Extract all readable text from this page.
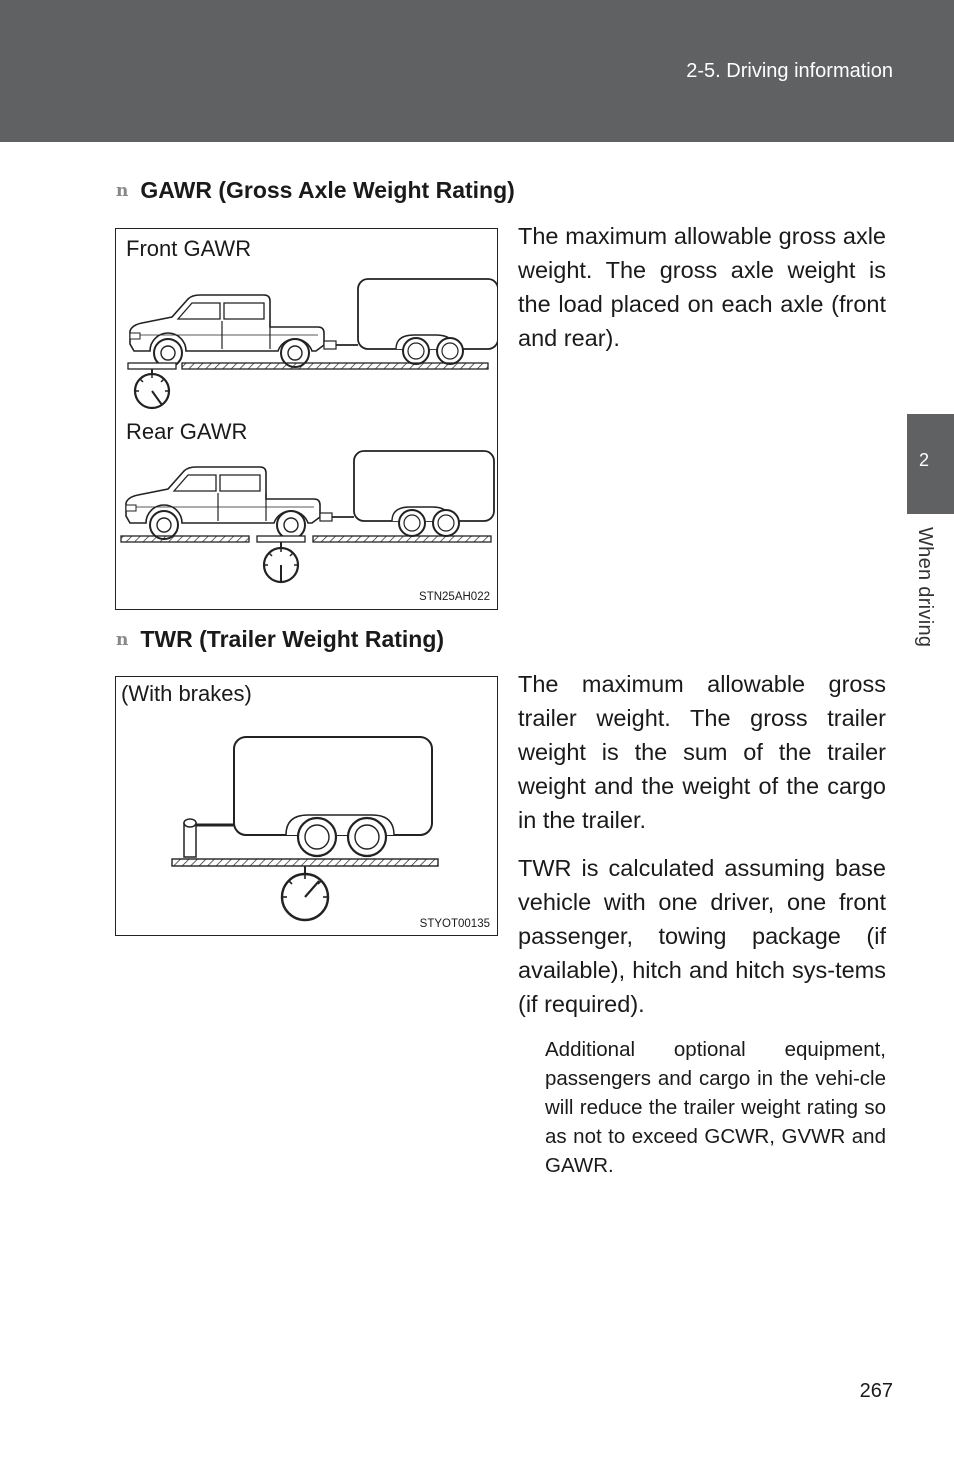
2-5. Driving information
2
When driving
n GAWR (Gross Axle Weight Rating)
Front GAWR
Rear GAWR
STN25AH022

The maximum allowable gross axle weight. The gross axle weight is the load placed on each axle (front and rear).

n TWR (Trailer Weight Rating)
(With brakes)
STYOT00135

The maximum allowable gross trailer weight. The gross trailer weight is the sum of the trailer weight and the weight of the cargo in the trailer.

TWR is calculated assuming base vehicle with one driver, one front passenger, towing package (if available), hitch and hitch sys-tems (if required).

Additional optional equipment, passengers and cargo in the vehi-cle will reduce the trailer weight rating so as not to exceed GCWR, GVWR and GAWR.

267
